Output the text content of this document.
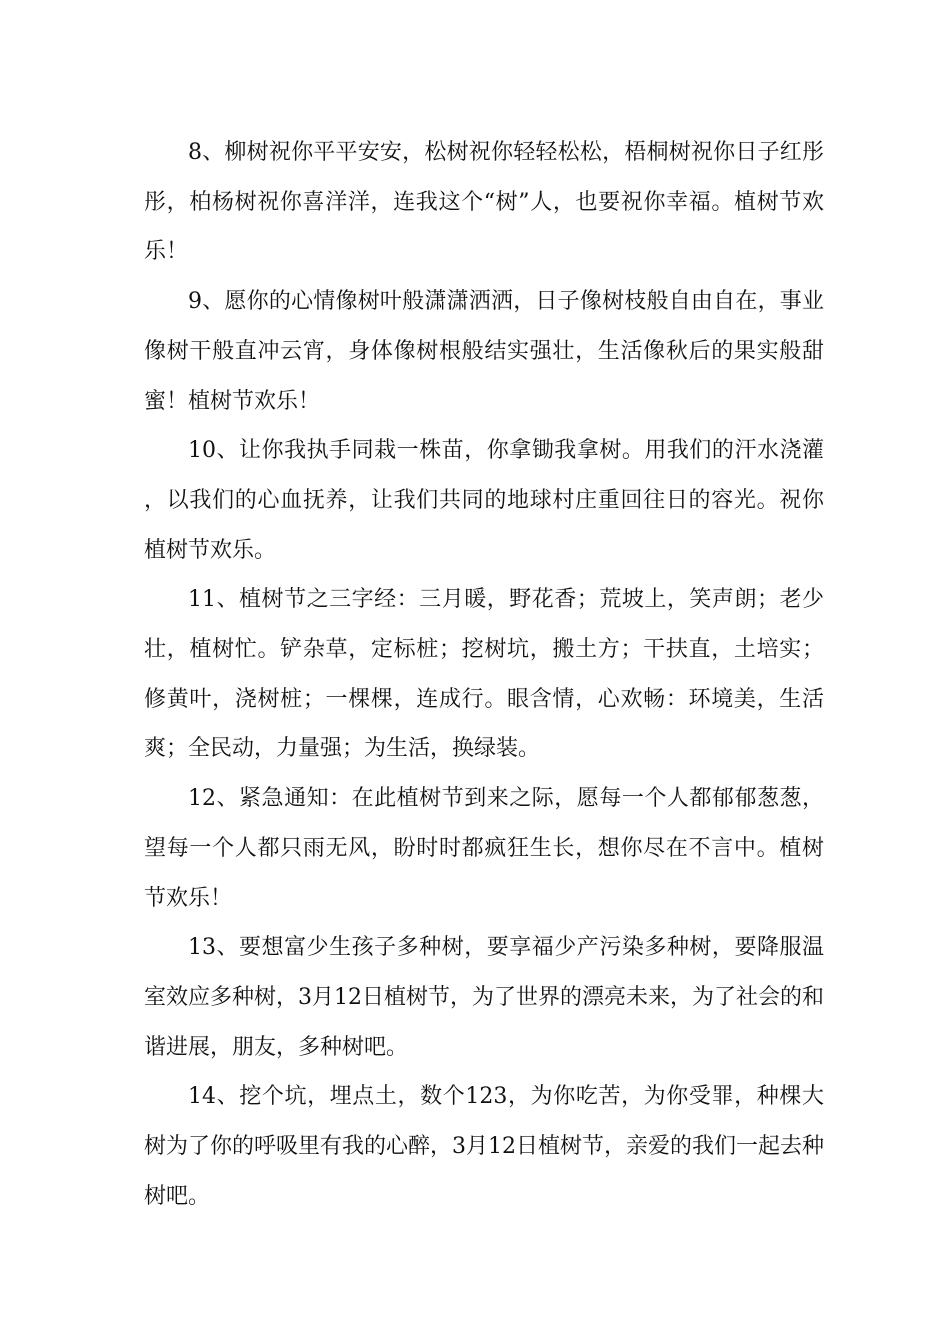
8、柳树祝你平平安安，松树祝你轻轻松松，梧桐树祝你日子红彤彤，柏杨树祝你喜洋洋，连我这个“树”人，也要祝你幸福。植树节欢乐！

9、愿你的心情像树叶般潇潇洒洒，日子像树枝般自由自在，事业像树干般直冲云宵，身体像树根般结实强壮，生活像秋后的果实般甜蜜！植树节欢乐！

10、让你我执手同栽一株苗，你拿锄我拿树。用我们的汗水浇灌，以我们的心血抚养，让我们共同的地球村庄重回往日的容光。祝你植树节欢乐。

11、植树节之三字经：三月暖，野花香；荒坡上，笑声朗；老少壮，植树忙。铲杂草，定标桩；挖树坑，搬土方；干扶直，土培实；修黄叶，浇树桩；一棵棵，连成行。眼含情，心欢畅：环境美，生活爽；全民动，力量强；为生活，换绿装。

12、紧急通知：在此植树节到来之际，愿每一个人都郁郁葱葱，望每一个人都只雨无风，盼时时都疯狂生长，想你尽在不言中。植树节欢乐！

13、要想富少生孩子多种树，要享福少产污染多种树，要降服温室效应多种树，3月12日植树节，为了世界的漂亮未来，为了社会的和谐进展，朋友，多种树吧。

14、挖个坑，埋点土，数个123，为你吃苦，为你受罪，种棵大树为了你的呼吸里有我的心醉，3月12日植树节，亲爱的我们一起去种树吧。
